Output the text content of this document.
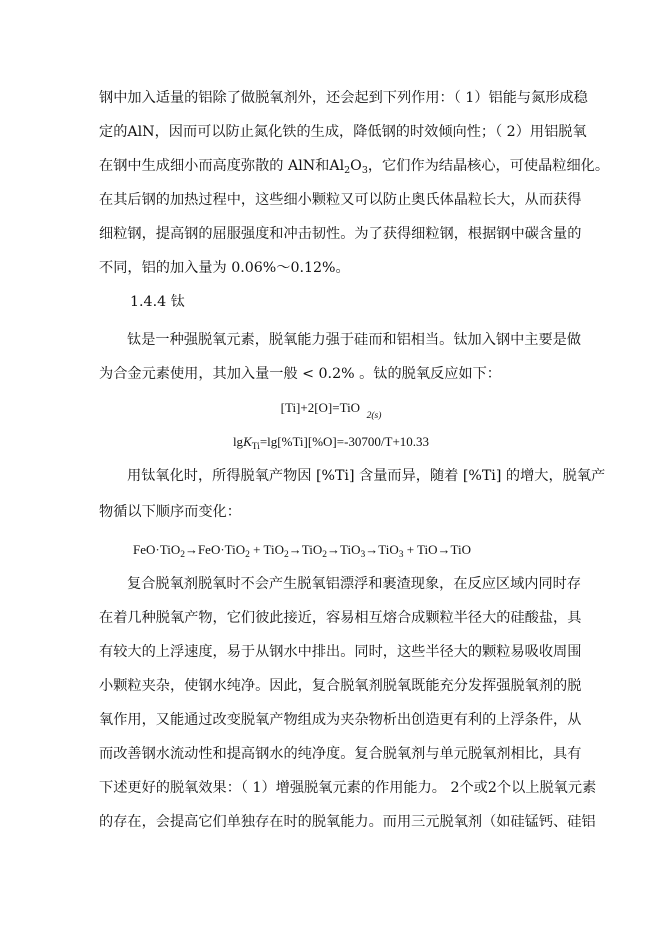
钢中加入适量的铝除了做脱氧剂外，还会起到下列作用：（ 1）铝能与氮形成稳
定的AlN，因而可以防止氮化铁的生成，降低钢的时效倾向性；（ 2）用铝脱氧
在钢中生成细小而高度弥散的 AlN和$Al_2O_3$，它们作为结晶核心，可使晶粒细化。
在其后钢的加热过程中，这些细小颗粒又可以防止奥氏体晶粒长大，从而获得
细粒钢，提高钢的屈服强度和冲击韧性。为了获得细粒钢，根据钢中碳含量的
不同，铝的加入量为 0.06%～0.12%。
1.4.4 钛
钛是一种强脱氧元素，脱氧能力强于硅而和铝相当。钛加入钢中主要是做
为合金元素使用，其加入量一般 < 0.2% 。钛的脱氧反应如下：
[Ti]+2[O]=TiO  $_{2(s)}$
lgK$_{Ti}$=lg[%Ti][%O]=-30700/T+10.33
用钛氧化时，所得脱氧产物因 [%Ti] 含量而异，随着 [%Ti] 的增大，脱氧产
物循以下顺序而变化：
FeO·TiO$_2$→FeO·TiO$_2$ + TiO$_2$→TiO$_2$→TiO$_3$→TiO$_3$ + TiO→TiO
复合脱氧剂脱氧时不会产生脱氧铝漂浮和裹渣现象，在反应区域内同时存
在着几种脱氧产物，它们彼此接近，容易相互熔合成颗粒半径大的硅酸盐，具
有较大的上浮速度，易于从钢水中排出。同时，这些半径大的颗粒易吸收周围
小颗粒夹杂，使钢水纯净。因此，复合脱氧剂脱氧既能充分发挥强脱氧剂的脱
氧作用，又能通过改变脱氧产物组成为夹杂物析出创造更有利的上浮条件，从
而改善钢水流动性和提高钢水的纯净度。复合脱氧剂与单元脱氧剂相比，具有
下述更好的脱氧效果：（ 1）增强脱氧元素的作用能力。 2个或2个以上脱氧元素
的存在，会提高它们单独存在时的脱氧能力。而用三元脱氧剂（如硅锰钙、硅铝
